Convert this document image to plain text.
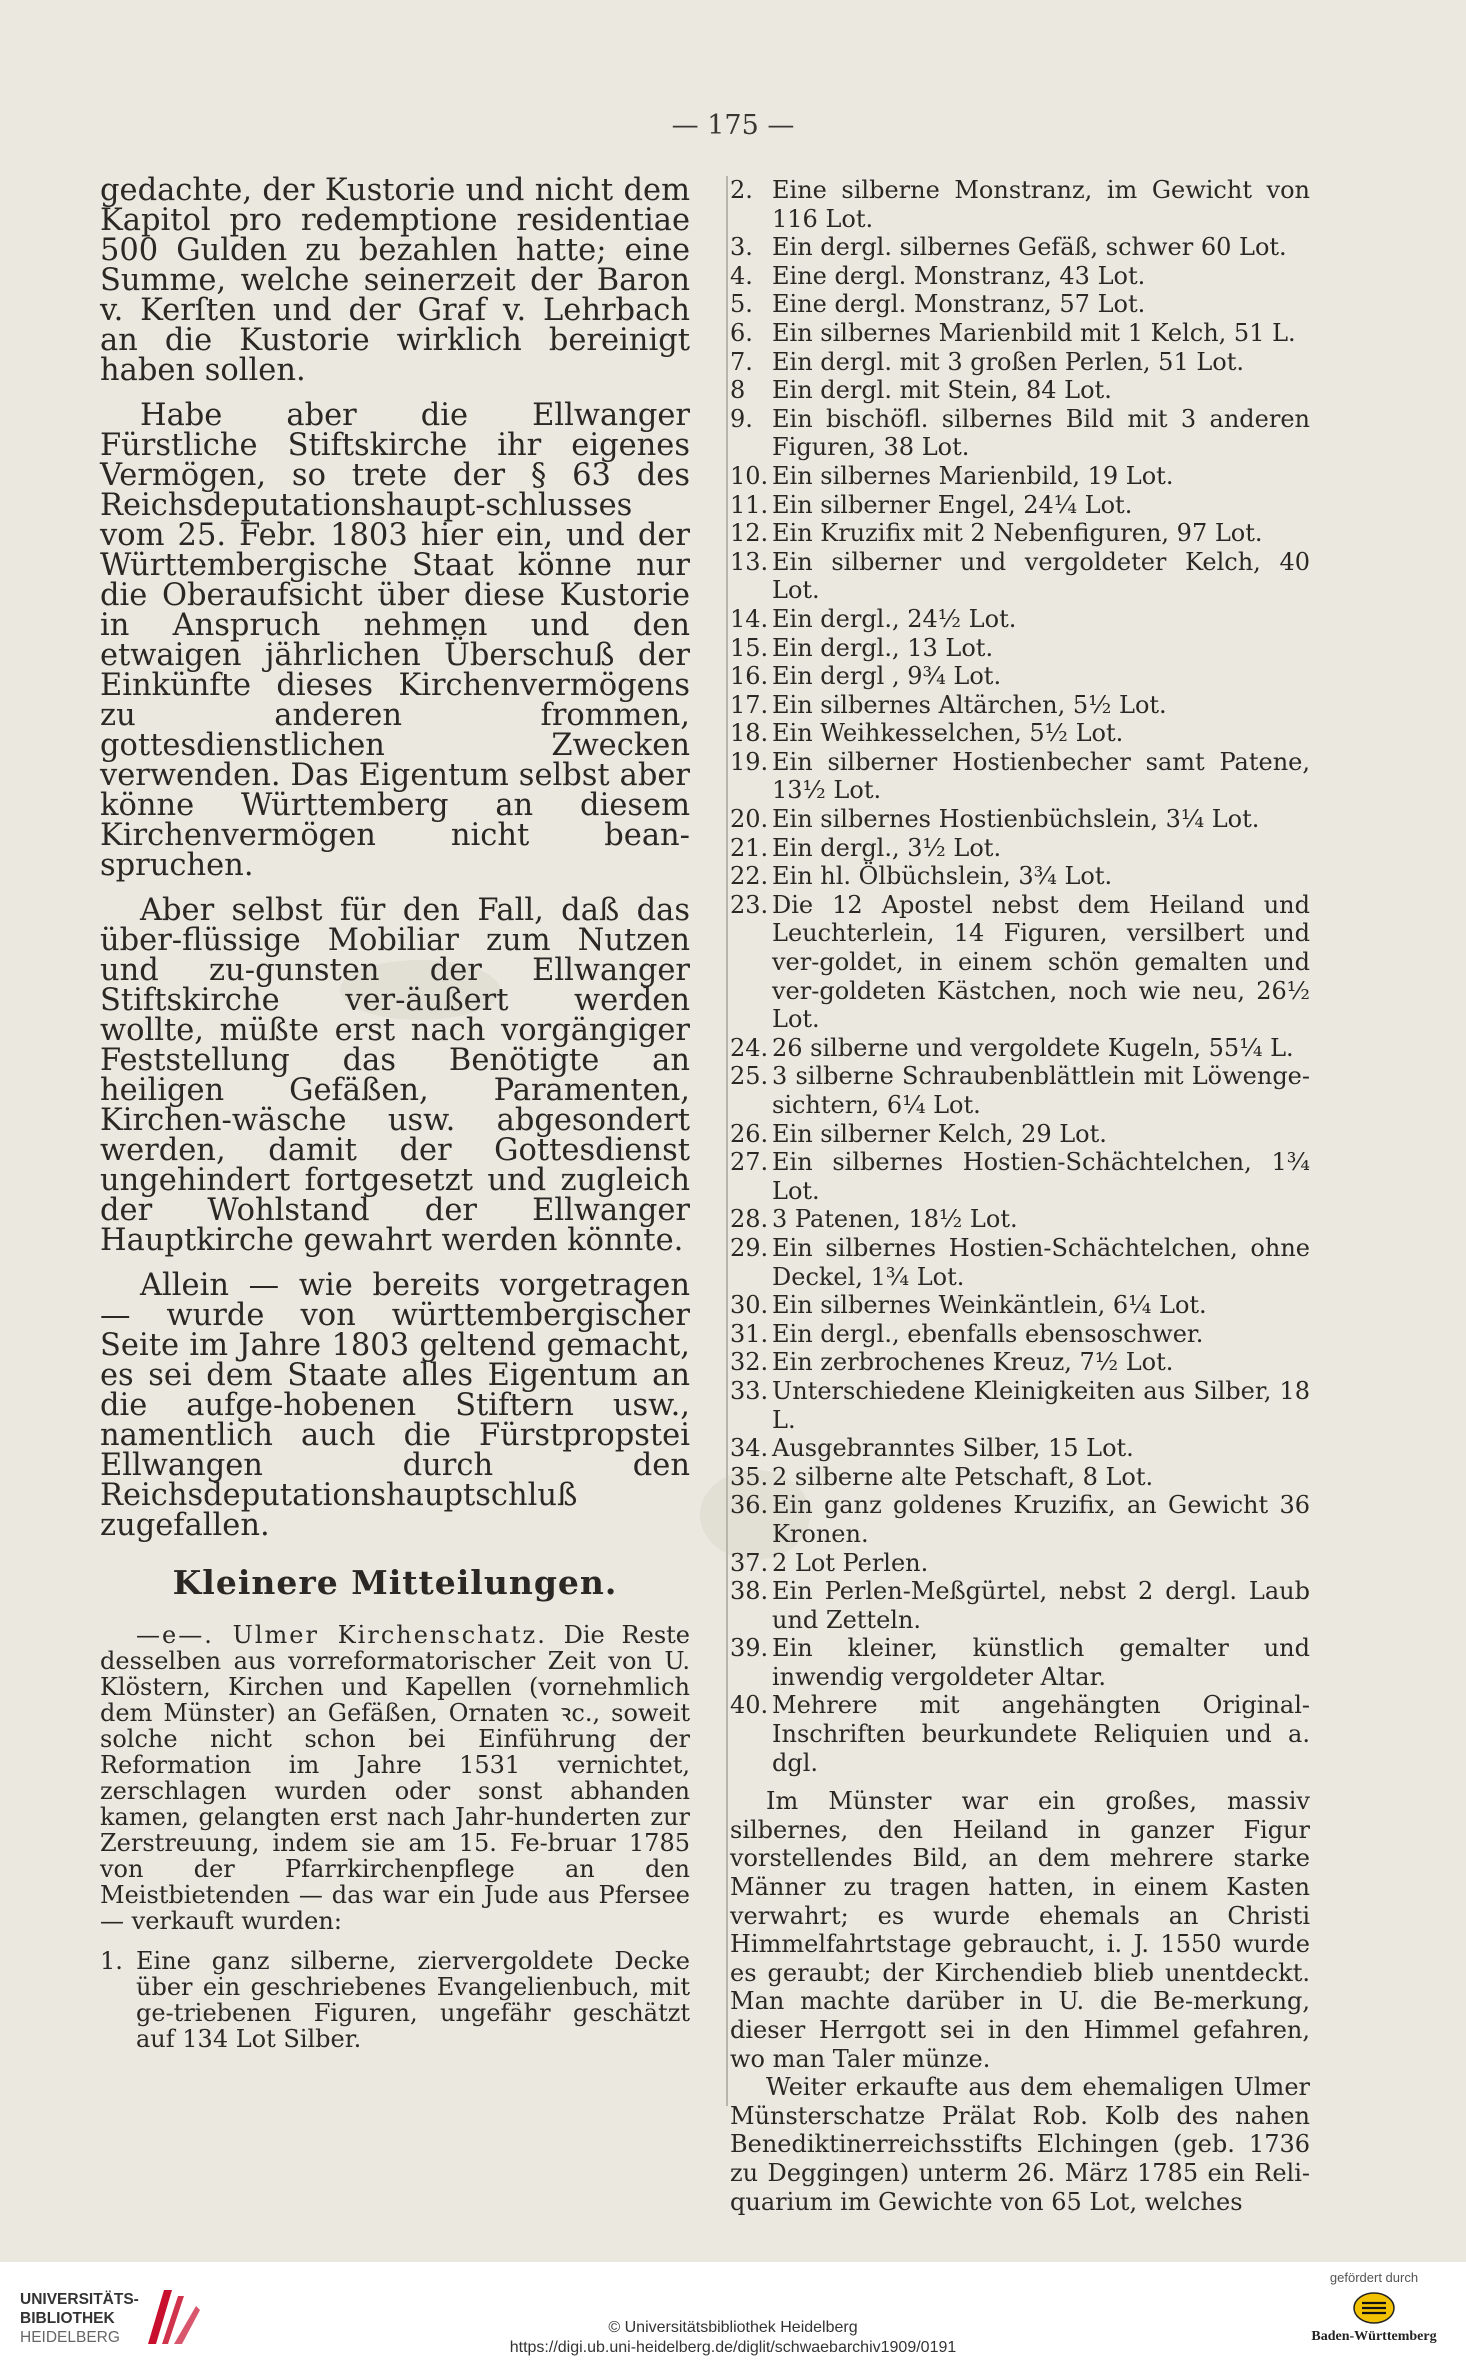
— 175 —

gedachte, der Kustorie und nicht dem Kapitol pro redemptione residentiae 500 Gulden zu bezahlen hatte; eine Summe, welche seinerzeit der Baron v. Kerſten und der Graf v. Lehrbach an die Kustorie wirklich bereinigt haben sollen.

Habe aber die Ellwanger Fürstliche Stiftskirche ihr eigenes Vermögen, so trete der § 63 des Reichsdeputationshaupt-schlusses vom 25. Febr. 1803 hier ein, und der Württembergische Staat könne nur die Oberaufsicht über diese Kustorie in Anspruch nehmen und den etwaigen jährlichen Überschuß der Einkünfte dieses Kirchenvermögens zu anderen frommen, gottesdienstlichen Zwecken verwenden. Das Eigentum selbst aber könne Württemberg an diesem Kirchenvermögen nicht bean-spruchen.

Aber selbst für den Fall, daß das über-flüssige Mobiliar zum Nutzen und zu-gunsten der Ellwanger Stiftskirche ver-äußert werden wollte, müßte erst nach vorgängiger Feststellung das Benötigte an heiligen Gefäßen, Paramenten, Kirchen-wäsche usw. abgesondert werden, damit der Gottesdienst ungehindert fortgesetzt und zugleich der Wohlstand der Ellwanger Hauptkirche gewahrt werden könnte.

Allein — wie bereits vorgetragen — wurde von württembergischer Seite im Jahre 1803 geltend gemacht, es sei dem Staate alles Eigentum an die aufge-hobenen Stiftern usw., namentlich auch die Fürstpropstei Ellwangen durch den Reichsdeputationshauptschluß zugefallen.

Kleinere Mitteilungen.

—e—. Ulmer Kirchenschatz. Die Reste desselben aus vorreformatorischer Zeit von U. Klöstern, Kirchen und Kapellen (vornehmlich dem Münster) an Gefäßen, Ornaten ꝛc., soweit solche nicht schon bei Einführung der Reformation im Jahre 1531 vernichtet, zerschlagen wurden oder sonst abhanden kamen, gelangten erst nach Jahr-hunderten zur Zerstreuung, indem sie am 15. Fe-bruar 1785 von der Pfarrkirchenpflege an den Meistbietenden — das war ein Jude aus Pfersee — verkauft wurden:

1. Eine ganz silberne, ziervergoldete Decke über ein geschriebenes Evangelienbuch, mit ge-triebenen Figuren, ungefähr geschätzt auf 134 Lot Silber.
2. Eine silberne Monstranz, im Gewicht von 116 Lot.
3. Ein dergl. silbernes Gefäß, schwer 60 Lot.
4. Eine dergl. Monstranz, 43 Lot.
5. Eine dergl. Monstranz, 57 Lot.
6. Ein silbernes Marienbild mit 1 Kelch, 51 L.
7. Ein dergl. mit 3 großen Perlen, 51 Lot.
8 Ein dergl. mit Stein, 84 Lot.
9. Ein bischöfl. silbernes Bild mit 3 anderen Figuren, 38 Lot.
10. Ein silbernes Marienbild, 19 Lot.
11. Ein silberner Engel, 24¼ Lot.
12. Ein Kruzifix mit 2 Nebenfiguren, 97 Lot.
13. Ein silberner und vergoldeter Kelch, 40 Lot.
14. Ein dergl., 24½ Lot.
15. Ein dergl., 13 Lot.
16. Ein dergl , 9¾ Lot.
17. Ein silbernes Altärchen, 5½ Lot.
18. Ein Weihkesselchen, 5½ Lot.
19. Ein silberner Hostienbecher samt Patene, 13½ Lot.
20. Ein silbernes Hostienbüchslein, 3¼ Lot.
21. Ein dergl., 3½ Lot.
22. Ein hl. Ölbüchslein, 3¾ Lot.
23. Die 12 Apostel nebst dem Heiland und Leuchterlein, 14 Figuren, versilbert und ver-goldet, in einem schön gemalten und ver-goldeten Kästchen, noch wie neu, 26½ Lot.
24. 26 silberne und vergoldete Kugeln, 55¼ L.
25. 3 silberne Schraubenblättlein mit Löwenge-sichtern, 6¼ Lot.
26. Ein silberner Kelch, 29 Lot.
27. Ein silbernes Hostien-Schächtelchen, 1¾ Lot.
28. 3 Patenen, 18½ Lot.
29. Ein silbernes Hostien-Schächtelchen, ohne Deckel, 1¾ Lot.
30. Ein silbernes Weinkäntlein, 6¼ Lot.
31. Ein dergl., ebenfalls ebensoschwer.
32. Ein zerbrochenes Kreuz, 7½ Lot.
33. Unterschiedene Kleinigkeiten aus Silber, 18 L.
34. Ausgebranntes Silber, 15 Lot.
35. 2 silberne alte Petschaft, 8 Lot.
36. Ein ganz goldenes Kruzifix, an Gewicht 36 Kronen.
37. 2 Lot Perlen.
38. Ein Perlen-Meßgürtel, nebst 2 dergl. Laub und Zetteln.
39. Ein kleiner, künstlich gemalter und inwendig vergoldeter Altar.
40. Mehrere mit angehängten Original-Inschriften beurkundete Reliquien und a. dgl.

Im Münster war ein großes, massiv silbernes, den Heiland in ganzer Figur vorstellendes Bild, an dem mehrere starke Männer zu tragen hatten, in einem Kasten verwahrt; es wurde ehemals an Christi Himmelfahrtstage gebraucht, i. J. 1550 wurde es geraubt; der Kirchendieb blieb unentdeckt. Man machte darüber in U. die Be-merkung, dieser Herrgott sei in den Himmel gefahren, wo man Taler münze.

Weiter erkaufte aus dem ehemaligen Ulmer Münsterschatze Prälat Rob. Kolb des nahen Benediktinerreichsstifts Elchingen (geb. 1736 zu Deggingen) unterm 26. März 1785 ein Reli-quarium im Gewichte von 65 Lot, welches

UNIVERSITÄTS-
BIBLIOTHEK

HEIDELBERG
© Universitätsbibliothek Heidelberg
https://digi.ub.uni-heidelberg.de/diglit/schwaebarchiv1909/0191
gefördert durch
Baden-Württemberg
